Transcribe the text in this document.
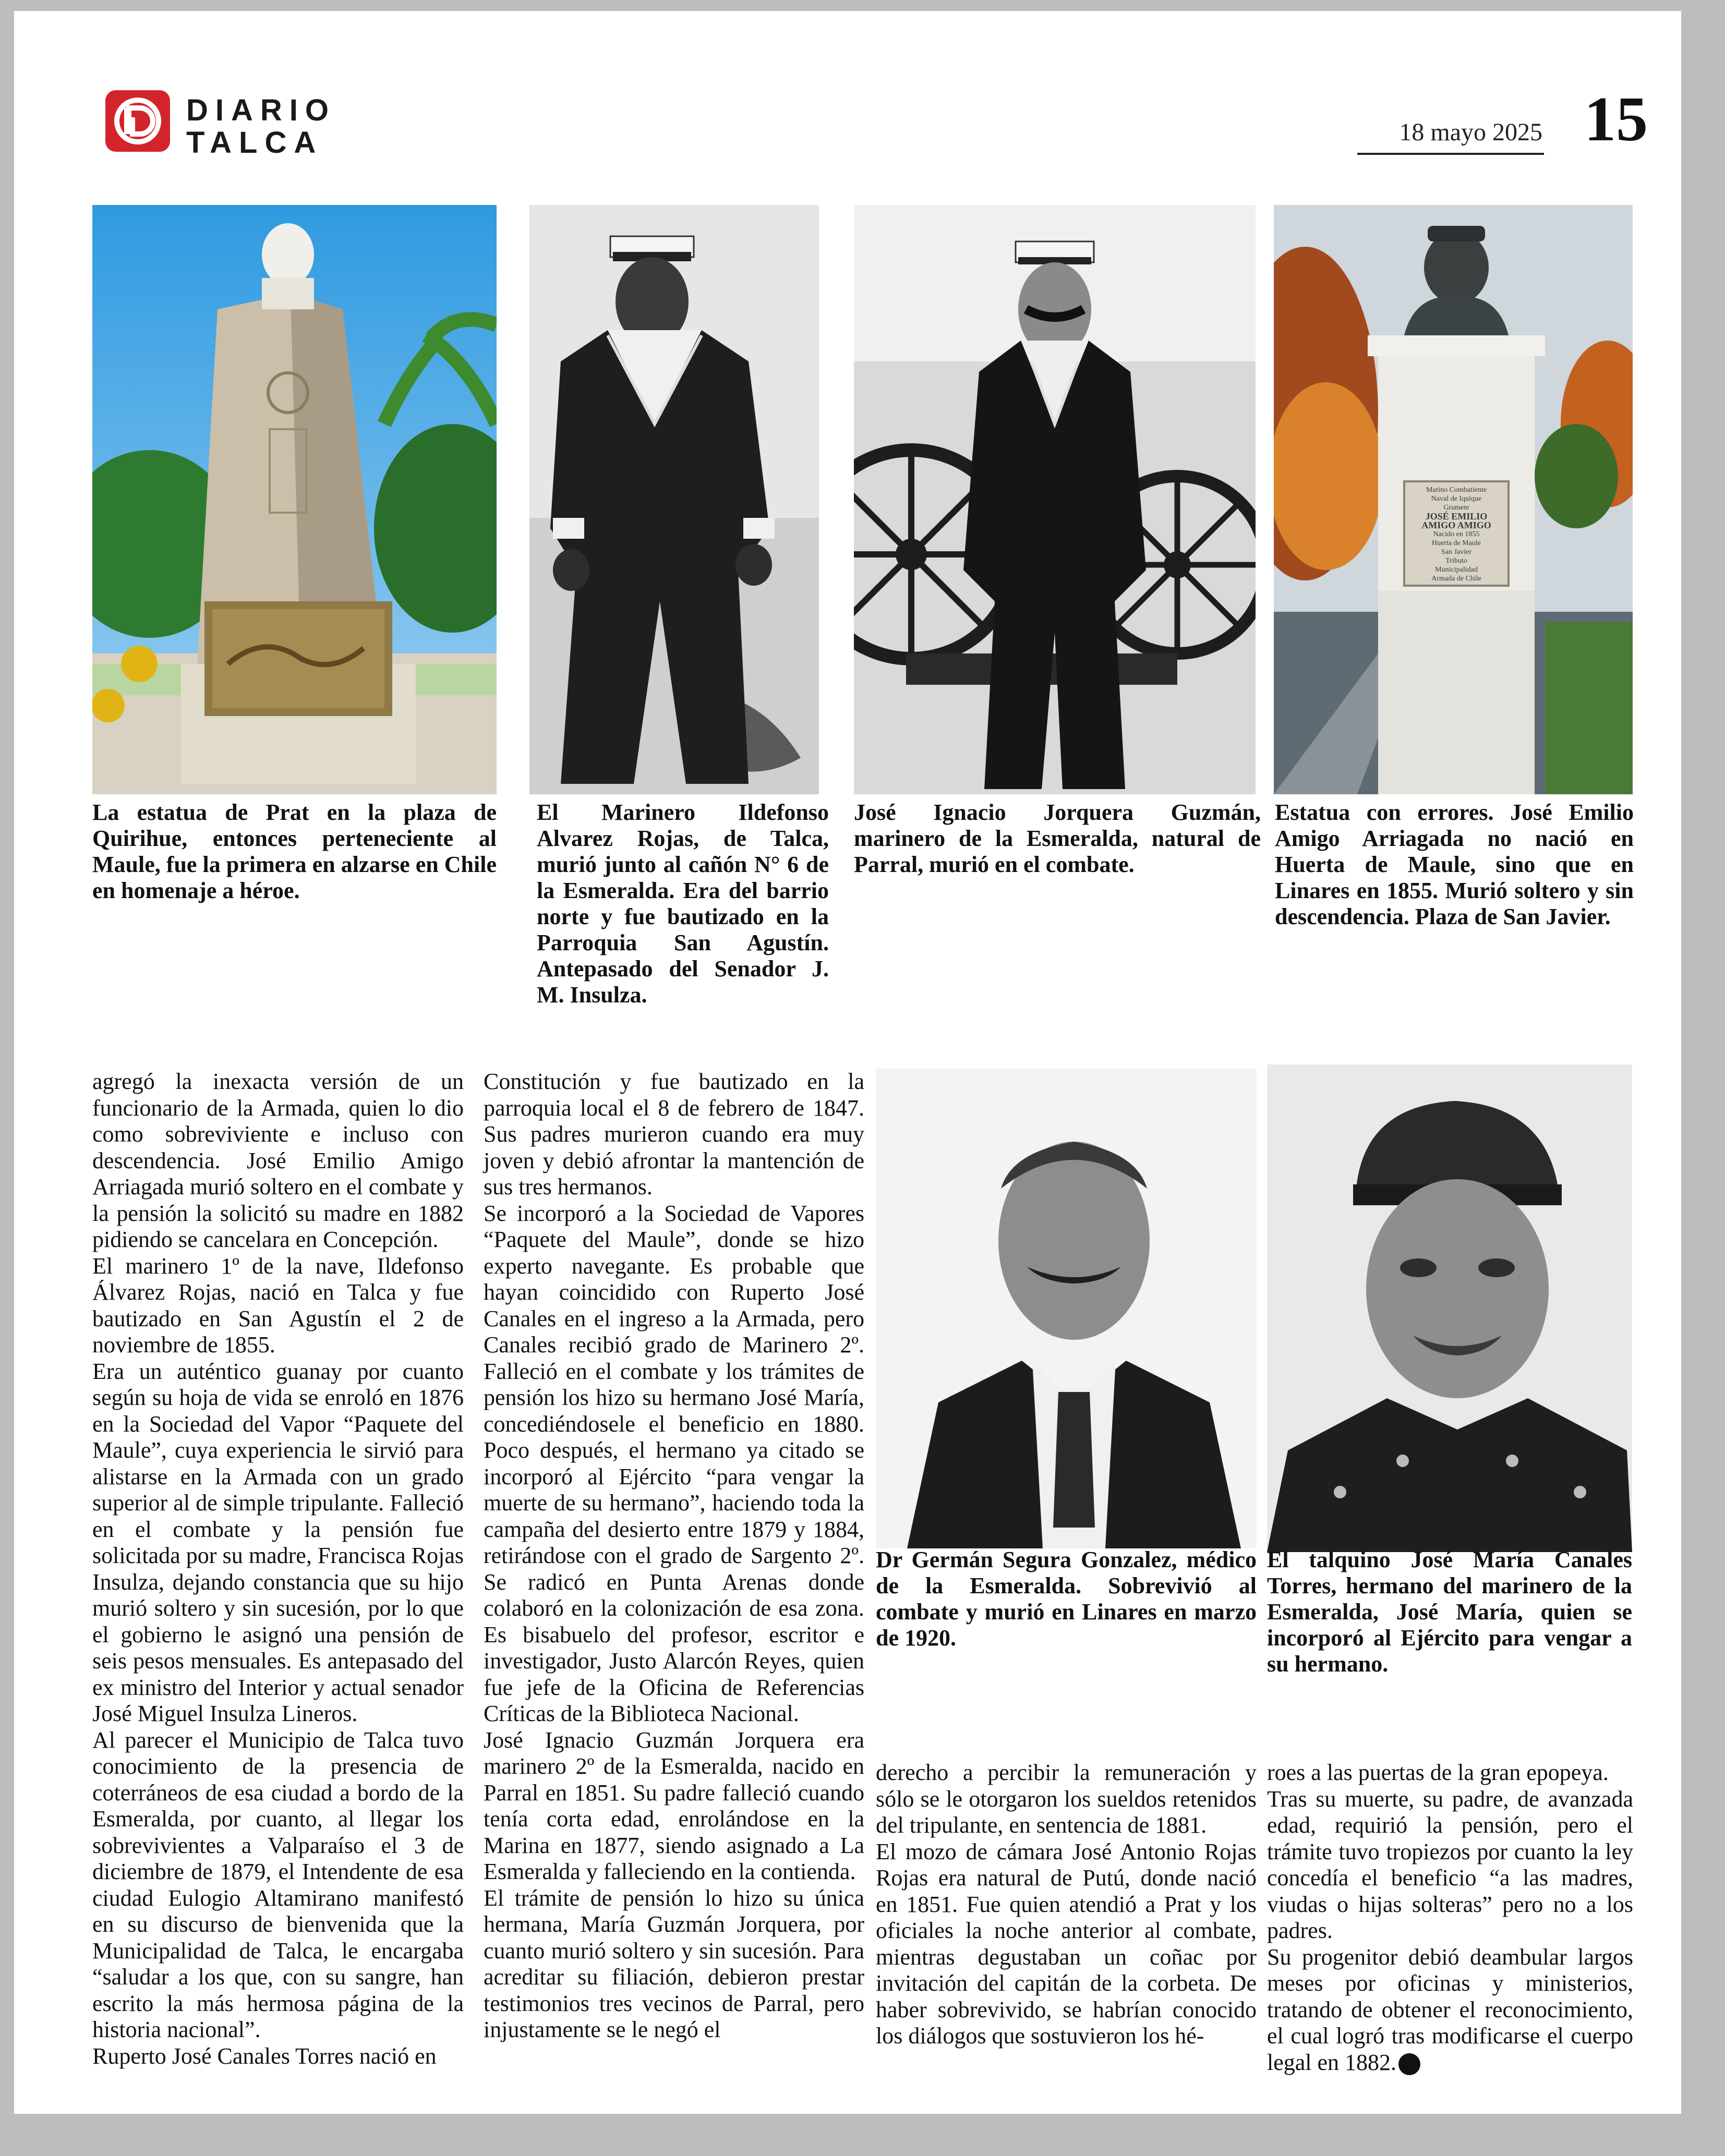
DIARIO
TALCA	18 mayo 2025 15
La estatua de Prat en la plaza de Quirihue, entonces perteneciente al Maule, fue la primera en alzarse en Chile en homenaje a héroe.
El Marinero Ildefonso Alvarez Rojas, de Talca, murió junto al cañón N° 6 de la Esmeralda. Era del barrio norte y fue bautizado en la Parroquia San Agustín. Antepasado del Senador J. M. Insulza.
José Ignacio Jorquera Guzmán, marinero de la Esmeralda, natural de Parral, murió en el combate.
Marino Combatiente
Naval de Iquique
Grumete
JOSÉ EMILIO
AMIGO AMIGO
Nacido en 1855
Huerta de Maule
San Javier
Tributo
Municipalidad
Armada de Chile
Estatua con errores. José Emilio Amigo Arriagada no nació en Huerta de Maule, sino que en Linares en 1855. Murió soltero y sin descendencia. Plaza de San Javier.

agregó la inexacta versión de un funcionario de la Armada, quien lo dio como sobreviviente e incluso con descendencia. José Emilio Amigo Arriagada murió soltero en el combate y la pensión la solicitó su madre en 1882 pidiendo se cancelara en Concepción.

El marinero 1º de la nave, Ildefonso Álvarez Rojas, nació en Talca y fue bautizado en San Agustín el 2 de noviembre de 1855.

Era un auténtico guanay por cuanto según su hoja de vida se enroló en 1876 en la Sociedad del Vapor “Paquete del Maule”, cuya experiencia le sirvió para alistarse en la Armada con un grado superior al de simple tripulante. Falleció en el combate y la pensión fue solicitada por su madre, Francisca Rojas Insulza, dejando constancia que su hijo murió soltero y sin sucesión, por lo que el gobierno le asignó una pensión de seis pesos mensuales. Es antepasado del ex ministro del Interior y actual senador José Miguel Insulza Lineros.

Al parecer el Municipio de Talca tuvo conocimiento de la presencia de coterráneos de esa ciudad a bordo de la Esmeralda, por cuanto, al llegar los sobrevivientes a Valparaíso el 3 de diciembre de 1879, el Intendente de esa ciudad Eulogio Altamirano manifestó en su discurso de bienvenida que la Municipalidad de Talca, le encargaba “saludar a los que, con su sangre, han escrito la más hermosa página de la historia nacional”.

Ruperto José Canales Torres nació en

Constitución y fue bautizado en la parroquia local el 8 de febrero de 1847. Sus padres murieron cuando era muy joven y debió afrontar la mantención de sus tres hermanos.

Se incorporó a la Sociedad de Vapores “Paquete del Maule”, donde se hizo experto navegante. Es probable que hayan coincidido con Ruperto José Canales en el ingreso a la Armada, pero Canales recibió grado de Marinero 2º. Falleció en el combate y los trámites de pensión los hizo su hermano José María, concediéndosele el beneficio en 1880. Poco después, el hermano ya citado se incorporó al Ejército “para vengar la muerte de su hermano”, haciendo toda la campaña del desierto entre 1879 y 1884, retirándose con el grado de Sargento 2º. Se radicó en Punta Arenas donde colaboró en la colonización de esa zona. Es bisabuelo del profesor, escritor e investigador, Justo Alarcón Reyes, quien fue jefe de la Oficina de Referencias Críticas de la Biblioteca Nacional.

José Ignacio Guzmán Jorquera era marinero 2º de la Esmeralda, nacido en Parral en 1851. Su padre falleció cuando tenía corta edad, enrolándose en la Marina en 1877, siendo asignado a La Esmeralda y falleciendo en la contienda.

El trámite de pensión lo hizo su única hermana, María Guzmán Jorquera, por cuanto murió soltero y sin sucesión. Para acreditar su filiación, debieron prestar testimonios tres vecinos de Parral, pero injustamente se le negó el

Dr Germán Segura Gonzalez, médico de la Esmeralda. Sobrevivió al combate y murió en Linares en marzo de 1920.
El talquino José María Canales Torres, hermano del marinero de la Esmeralda, José María, quien se incorporó al Ejército para vengar a su hermano.

derecho a percibir la remuneración y sólo se le otorgaron los sueldos retenidos del tripulante, en sentencia de 1881.

El mozo de cámara José Antonio Rojas Rojas era natural de Putú, donde nació en 1851. Fue quien atendió a Prat y los oficiales la noche anterior al combate, mientras degustaban un coñac por invitación del capitán de la corbeta. De haber sobrevivido, se habrían conocido los diálogos que sostuvieron los hé-

roes a las puertas de la gran epopeya.

Tras su muerte, su padre, de avanzada edad, requirió la pensión, pero el trámite tuvo tropiezos por cuanto la ley concedía el beneficio “a las madres, viudas o hijas solteras” pero no a los padres.

Su progenitor debió deambular largos meses por oficinas y ministerios, tratando de obtener el reconocimiento, el cual logró tras modificarse el cuerpo legal en 1882.
